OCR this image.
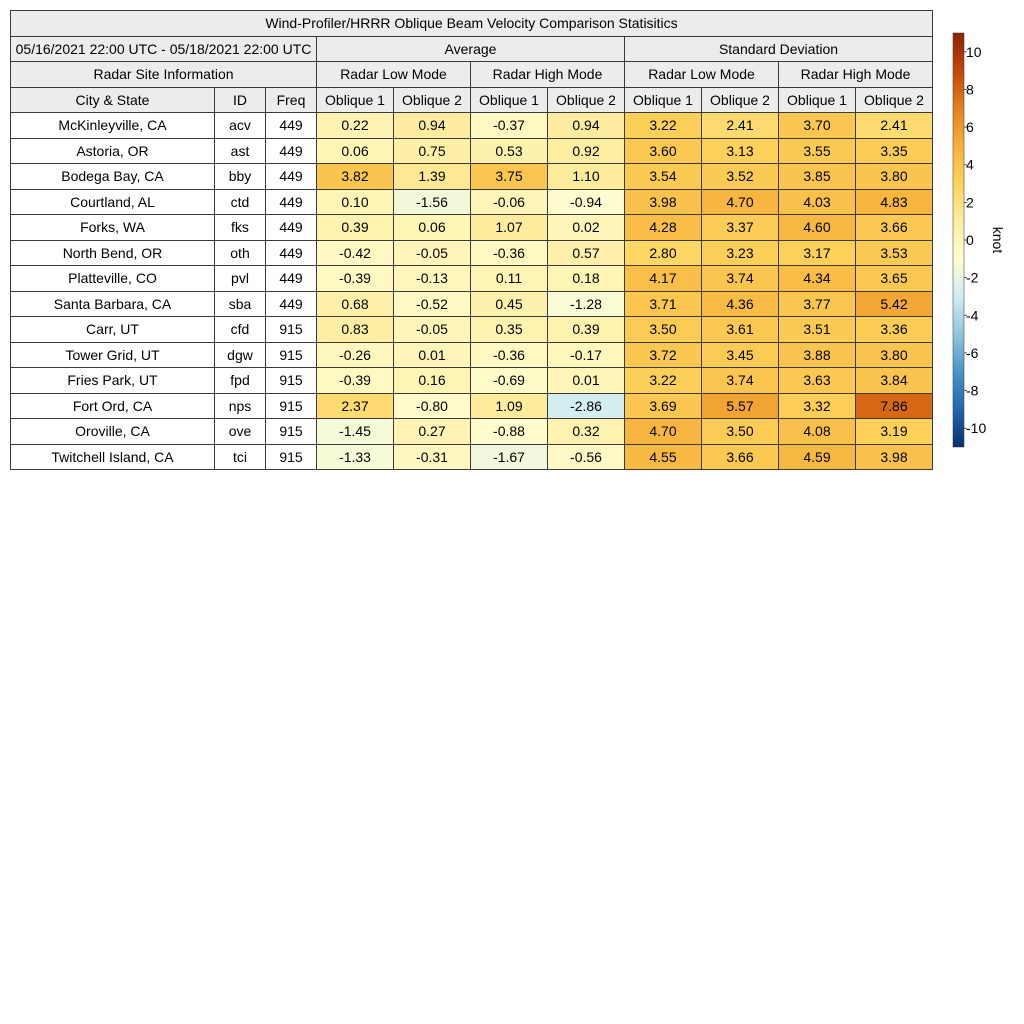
Wind-Profiler/HRRR Oblique Beam Velocity Comparison Statisitics										
05/16/2021 22:00 UTC - 05/18/2021 22:00 UTC			Average				Standard Deviation			
Radar Site Information			Radar Low Mode		Radar High Mode		Radar Low Mode		Radar High Mode	
City & State	ID	Freq	Oblique 1	Oblique 2	Oblique 1	Oblique 2	Oblique 1	Oblique 2	Oblique 1	Oblique 2
McKinleyville, CA	acv	449	0.22	0.94	-0.37	0.94	3.22	2.41	3.70	2.41
Astoria, OR	ast	449	0.06	0.75	0.53	0.92	3.60	3.13	3.55	3.35
Bodega Bay, CA	bby	449	3.82	1.39	3.75	1.10	3.54	3.52	3.85	3.80
Courtland, AL	ctd	449	0.10	-1.56	-0.06	-0.94	3.98	4.70	4.03	4.83
Forks, WA	fks	449	0.39	0.06	1.07	0.02	4.28	3.37	4.60	3.66
North Bend, OR	oth	449	-0.42	-0.05	-0.36	0.57	2.80	3.23	3.17	3.53
Platteville, CO	pvl	449	-0.39	-0.13	0.11	0.18	4.17	3.74	4.34	3.65
Santa Barbara, CA	sba	449	0.68	-0.52	0.45	-1.28	3.71	4.36	3.77	5.42
Carr, UT	cfd	915	0.83	-0.05	0.35	0.39	3.50	3.61	3.51	3.36
Tower Grid, UT	dgw	915	-0.26	0.01	-0.36	-0.17	3.72	3.45	3.88	3.80
Fries Park, UT	fpd	915	-0.39	0.16	-0.69	0.01	3.22	3.74	3.63	3.84
Fort Ord, CA	nps	915	2.37	-0.80	1.09	-2.86	3.69	5.57	3.32	7.86
Oroville, CA	ove	915	-1.45	0.27	-0.88	0.32	4.70	3.50	4.08	3.19
Twitchell Island, CA	tci	915	-1.33	-0.31	-1.67	-0.56	4.55	3.66	4.59	3.98
10
8
6
4
2
0
-2
-4
-6
-8
-10
knot
